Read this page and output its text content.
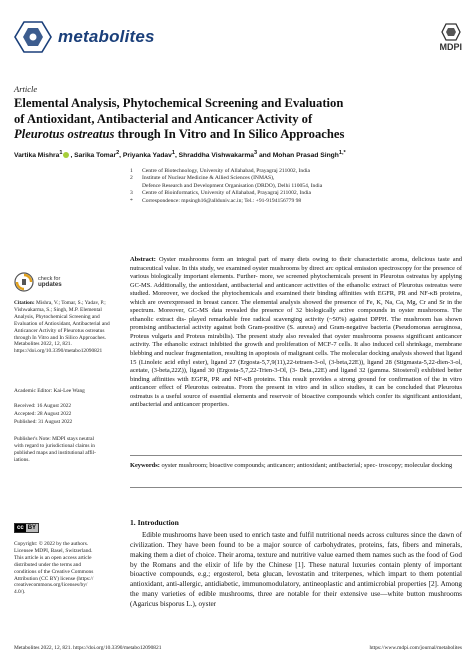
metabolites
MDPI
Article
Elemental Analysis, Phytochemical Screening and Evaluation
of Antioxidant, Antibacterial and Anticancer Activity of
Pleurotus ostreatus through In Vitro and In Silico Approaches
Vartika Mishra$^1$ , Sarika Tomar$^2$, Priyanka Yadav$^1$, Shraddha Vishwakarma$^3$ and Mohan Prasad Singh$^{1,*}$
1	Centre of Biotechnology, University of Allahabad, Prayagraj 211002, India
2	Institute of Nuclear Medicine & Allied Sciences (INMAS),
Defence Research and Development Organisation (DRDO), Delhi 110054, India
3	Centre of Bioinformatics, University of Allahabad, Prayagraj 211002, India
*	Correspondence: mpsingh16@allduniv.ac.in; Tel.: +91-9194156779 98
Abstract: Oyster mushrooms form an integral part of many diets owing to their characteristic aroma, delicious taste and nutraceutical value. In this study, we examined oyster mushrooms by direct arc optical emission spectroscopy for the presence of various biologically important elements. Further- more, we screened phytochemicals present in Pleurotus ostreatus by applying GC-MS. Additionally, the antioxidant, antibacterial and anticancer activities of the ethanolic extract of Pleurotus ostreatus were studied. Moreover, we docked the phytochemicals and examined their binding affinities with EGFR, PR and NF-κB proteins, which are overexpressed in breast cancer. The elemental analysis showed the presence of Fe, K, Na, Ca, Mg, Cr and Sr in the spectrum. Moreover, GC-MS data revealed the presence of 32 biologically active compounds in oyster mushrooms. The ethanolic extract dis- played remarkable free radical scavenging activity (~50%) against DPPH. The mushroom has shown promising antibacterial activity against both Gram-positive (S. aureus) and Gram-negative bacteria (Pseudomonas aeruginosa, Proteus vulgaris and Proteus mirabilis). The present study also revealed that oyster mushrooms possess significant anticancer activity. The ethanolic extract inhibited the growth and proliferation of MCF-7 cells. It also induced cell shrinkage, membrane blebbing and nuclear fragmentation, resulting in apoptosis of malignant cells. The molecular docking analysis showed that ligand 15 (Linoleic acid ethyl ester), ligand 27 (Ergosta-5,7,9(11),22-tetraen-3-ol, (3-beta,22E)), ligand 28 (Stigmasta-5,22-dien-3-ol, acetate, (3-beta,22Z)), ligand 30 (Ergosta-5,7,22-Trien-3-Ol, (3- Beta.,22E) and ligand 32 (gamma. Sitosterol) exhibited better binding affinities with EGFR, PR and NF-κB proteins. This result provides a strong ground for confirmation of the in vitro anticancer effect of Pleurotus ostreatus. From the present in vitro and in silico studies, it can be concluded that Pleurotus ostreatus is a useful source of essential elements and reservoir of bioactive compounds which confer its significant antioxidant, antibacterial and anticancer properties.
Keywords: oyster mushroom; bioactive compounds; anticancer; antioxidant; antibacterial; spec- troscopy; molecular docking
check for
updates
Citation: Mishra, V.; Tomar, S.; Yadav, P.; Vishwakarma, S.; Singh, M.P. Elemental Analysis, Phytochemical Screening and Evaluation of Antioxidant, Antibacterial and Anticancer Activity of Pleurotus ostreatus through In Vitro and In Silico Approaches. Metabolites 2022, 12, 821. https://doi.org/10.3390/metabo12090821
Academic Editor: Kai-Lee Wang
Received: 16 August 2022
Accepted: 28 August 2022
Published: 31 August 2022
Publisher's Note: MDPI stays neutral
with regard to jurisdictional claims in
published maps and institutional affil-
iations.
cc BY
Copyright: © 2022 by the authors.
Licensee MDPI, Basel, Switzerland.
This article is an open access article
distributed under the terms and
conditions of the Creative Commons
Attribution (CC BY) license (https://
creativecommons.org/licenses/by/
4.0/).
1. Introduction
Edible mushrooms have been used to enrich taste and fulfil nutritional needs across cultures since the dawn of civilization. They have been found to be a major source of carbohydrates, proteins, fats, fibers and minerals, making them a diet of choice. Their aroma, texture and nutritive value earned them names such as the food of God by the Romans and the elixir of life by the Chinese [1]. These natural luxuries contain plenty of important bioactive compounds, e.g.; ergosterol, beta glucan, levostatin and triterpenes, which impart to them potential antioxidant, anti-allergic, antidiabetic, immunomodulatory, antineoplastic and antimicrobial properties [2]. Among the many varieties of edible mushrooms, three are notable for their extensive use—white button mushrooms (Agaricus bisporus L.), oyster
Metabolites 2022, 12, 821. https://doi.org/10.3390/metabo12090821	https://www.mdpi.com/journal/metabolites
